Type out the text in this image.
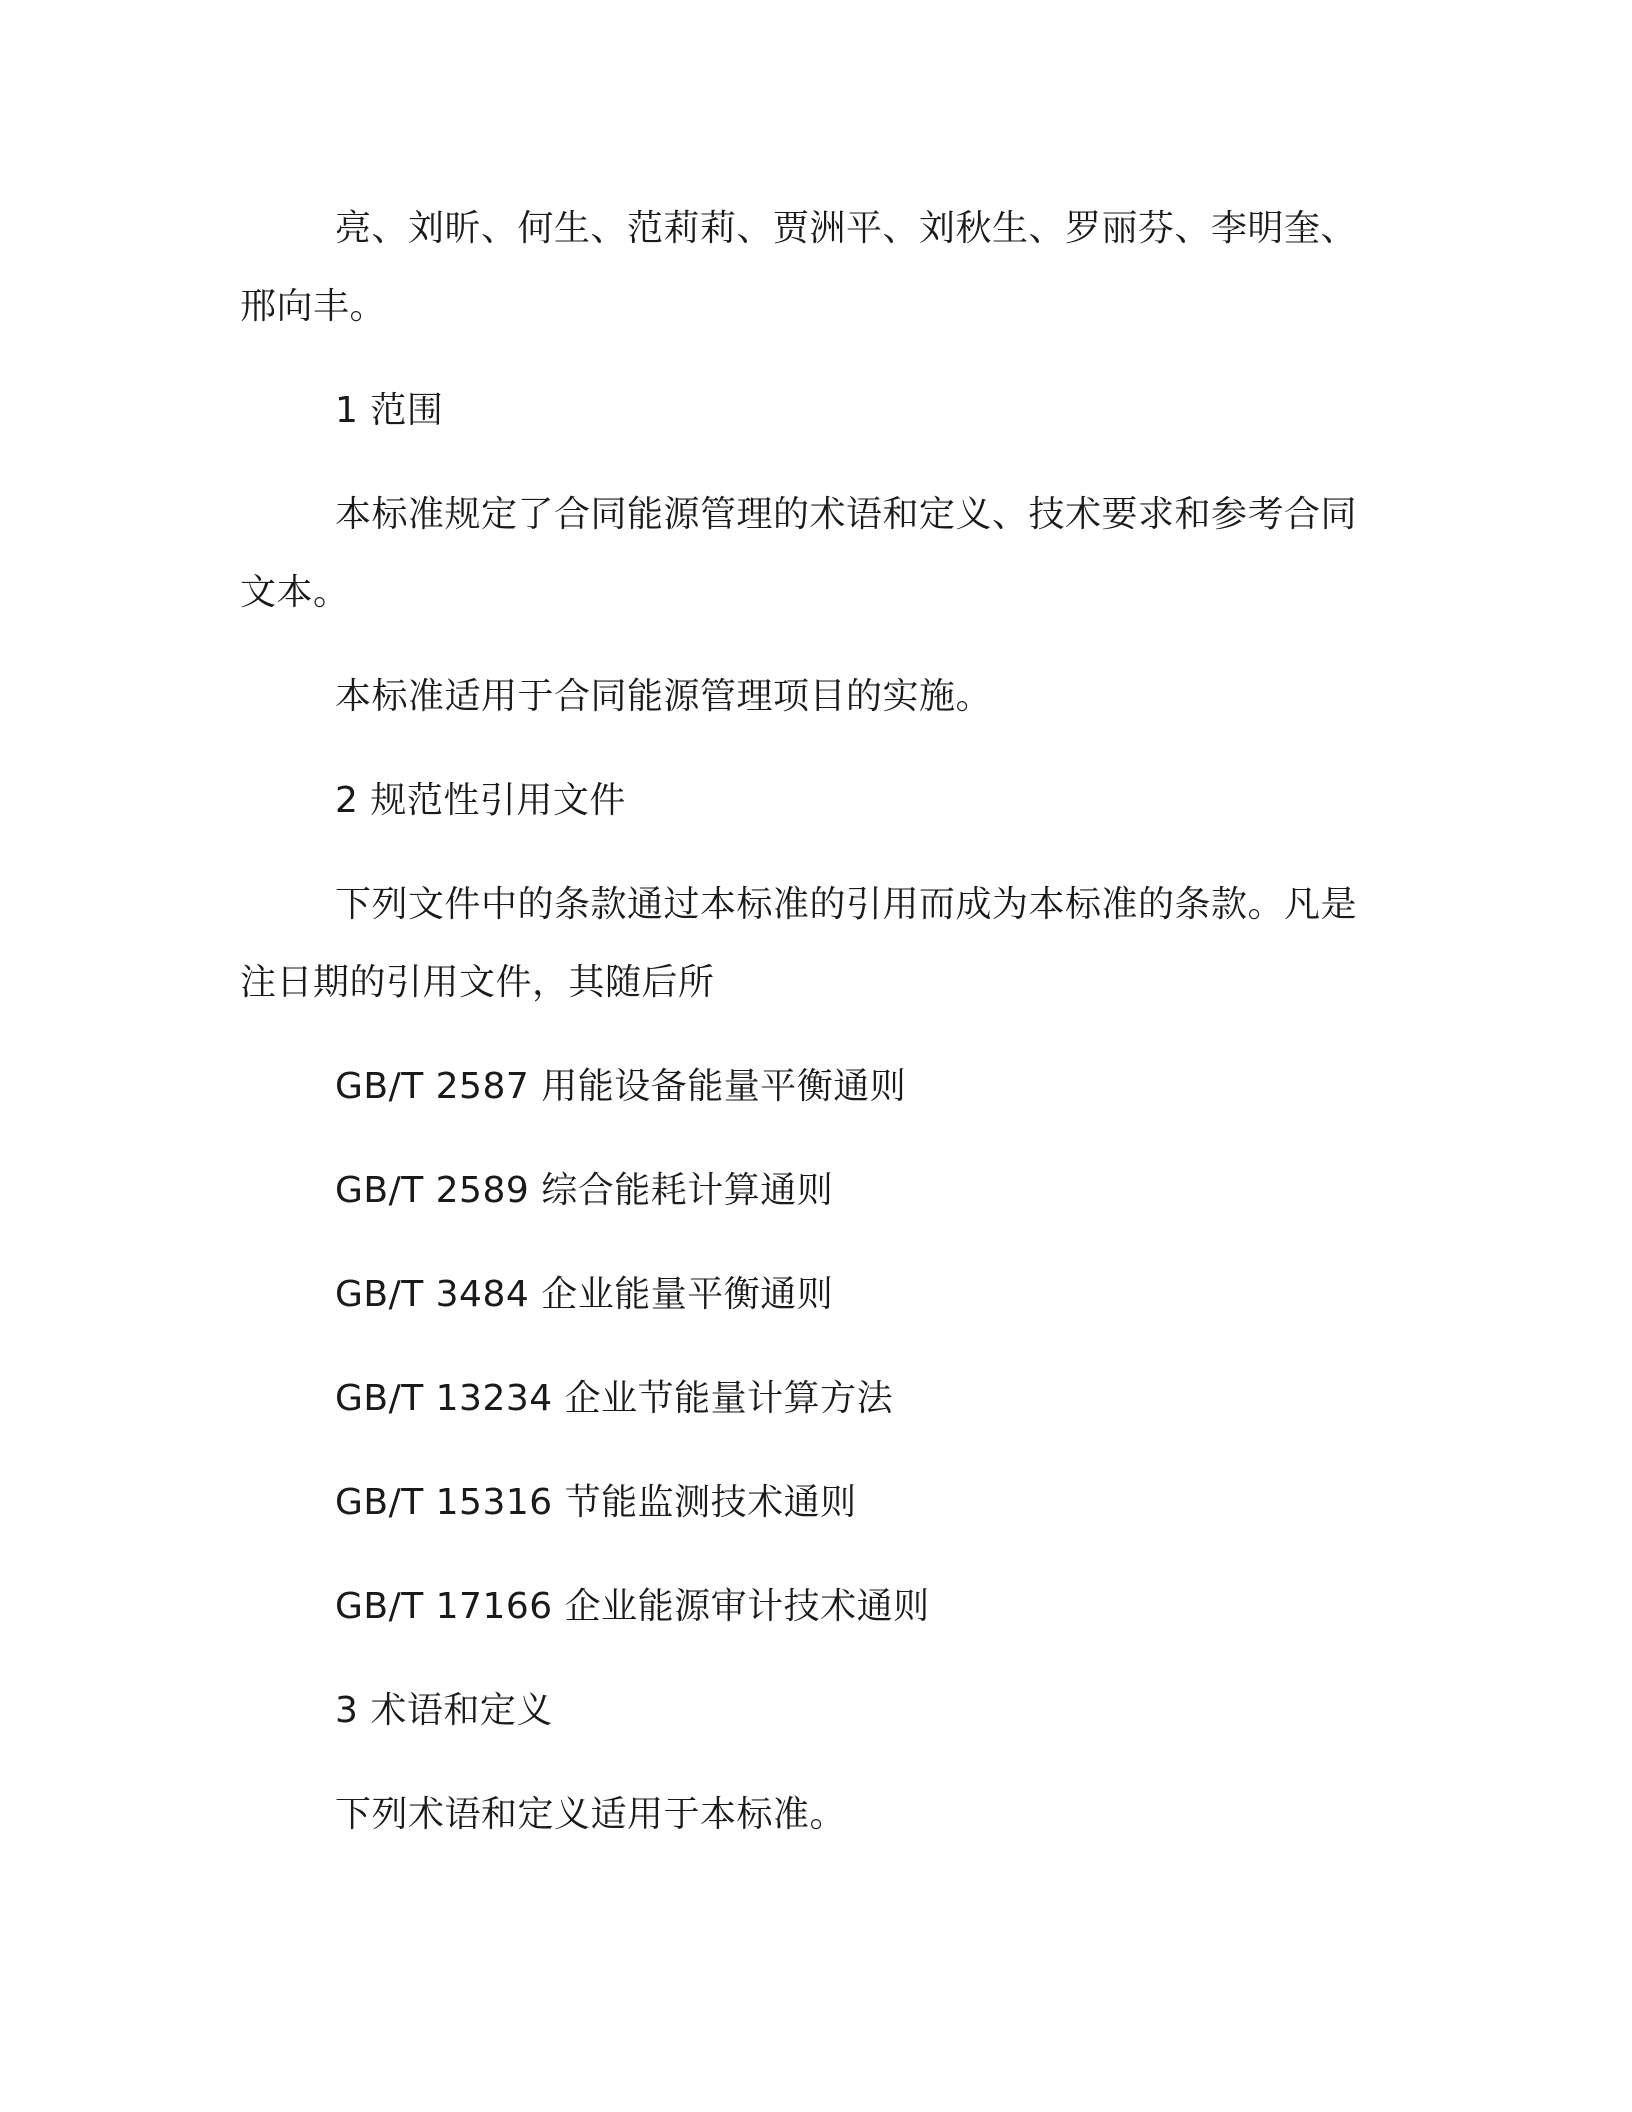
亮、刘昕、何生、范莉莉、贾洲平、刘秋生、罗丽芬、李明奎、邢向丰。

1 范围

本标准规定了合同能源管理的术语和定义、技术要求和参考合同文本。

本标准适用于合同能源管理项目的实施。

2 规范性引用文件

下列文件中的条款通过本标准的引用而成为本标准的条款。凡是注日期的引用文件，其随后所

GB/T 2587 用能设备能量平衡通则

GB/T 2589 综合能耗计算通则

GB/T 3484 企业能量平衡通则

GB/T 13234 企业节能量计算方法

GB/T 15316 节能监测技术通则

GB/T 17166 企业能源审计技术通则

3 术语和定义

下列术语和定义适用于本标准。
